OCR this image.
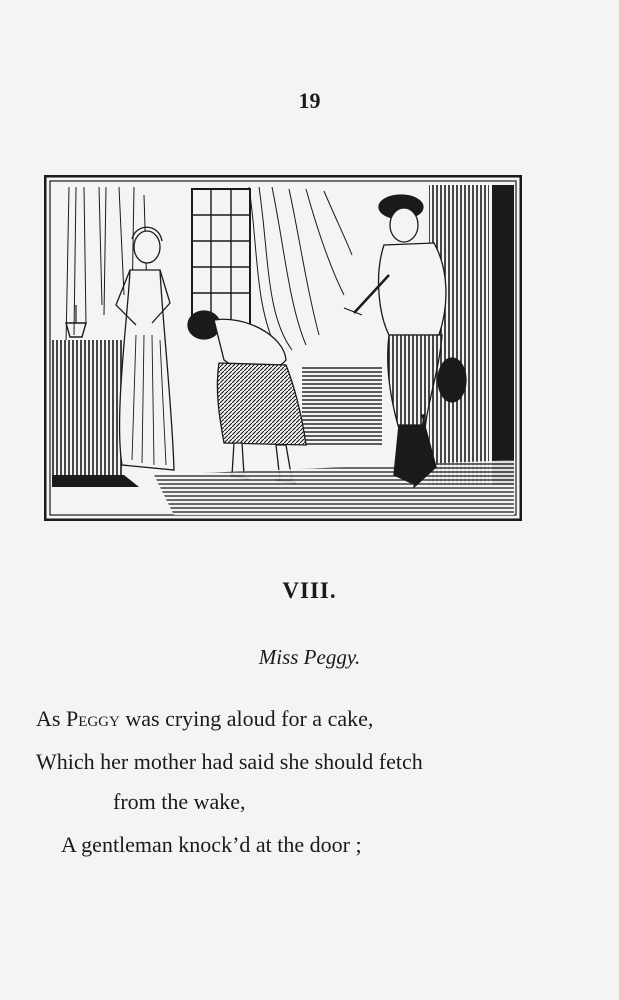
19
VIII.
Miss Peggy.
As Peggy was crying aloud for a cake,
Which her mother had said she should fetch
from the wake,
A gentleman knock’d at the door ;
